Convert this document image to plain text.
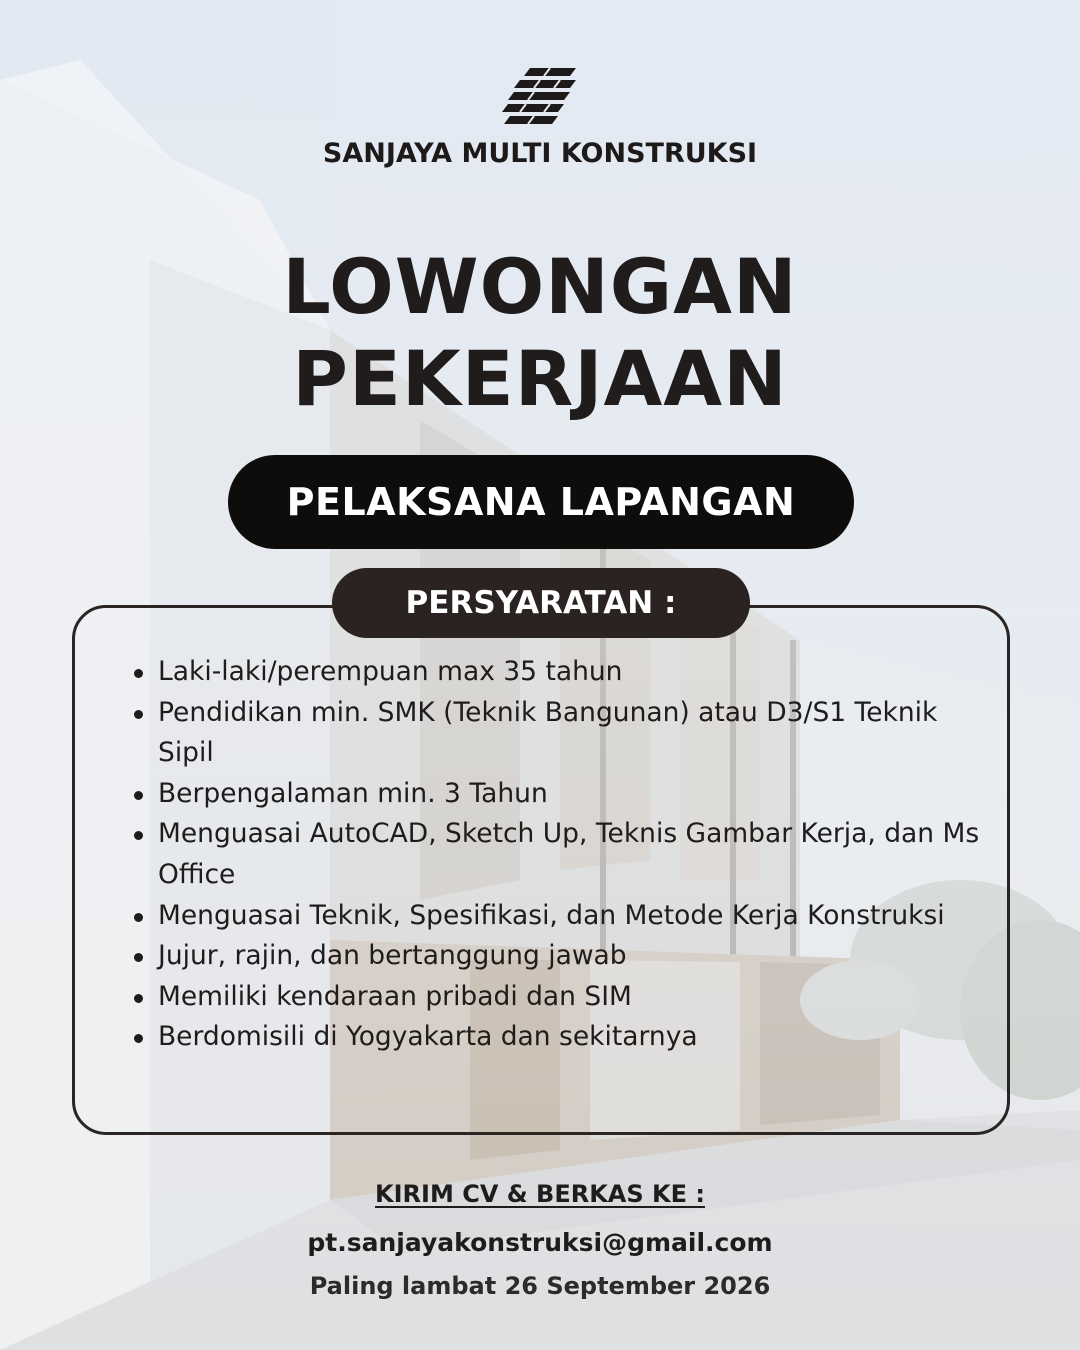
SANJAYA MULTI KONSTRUKSI
LOWONGAN
PEKERJAAN
PELAKSANA LAPANGAN
PERSYARATAN :
Laki-laki/perempuan max 35 tahun
Pendidikan min. SMK (Teknik Bangunan) atau D3/S1 Teknik Sipil
Berpengalaman min. 3 Tahun
Menguasai AutoCAD, Sketch Up, Teknis Gambar Kerja, dan Ms Office
Menguasai Teknik, Spesifikasi, dan Metode Kerja Konstruksi
Jujur, rajin, dan bertanggung jawab
Memiliki kendaraan pribadi dan SIM
Berdomisili di Yogyakarta dan sekitarnya
KIRIM CV & BERKAS KE :
pt.sanjayakonstruksi@gmail.com
Paling lambat 26 September 2026
